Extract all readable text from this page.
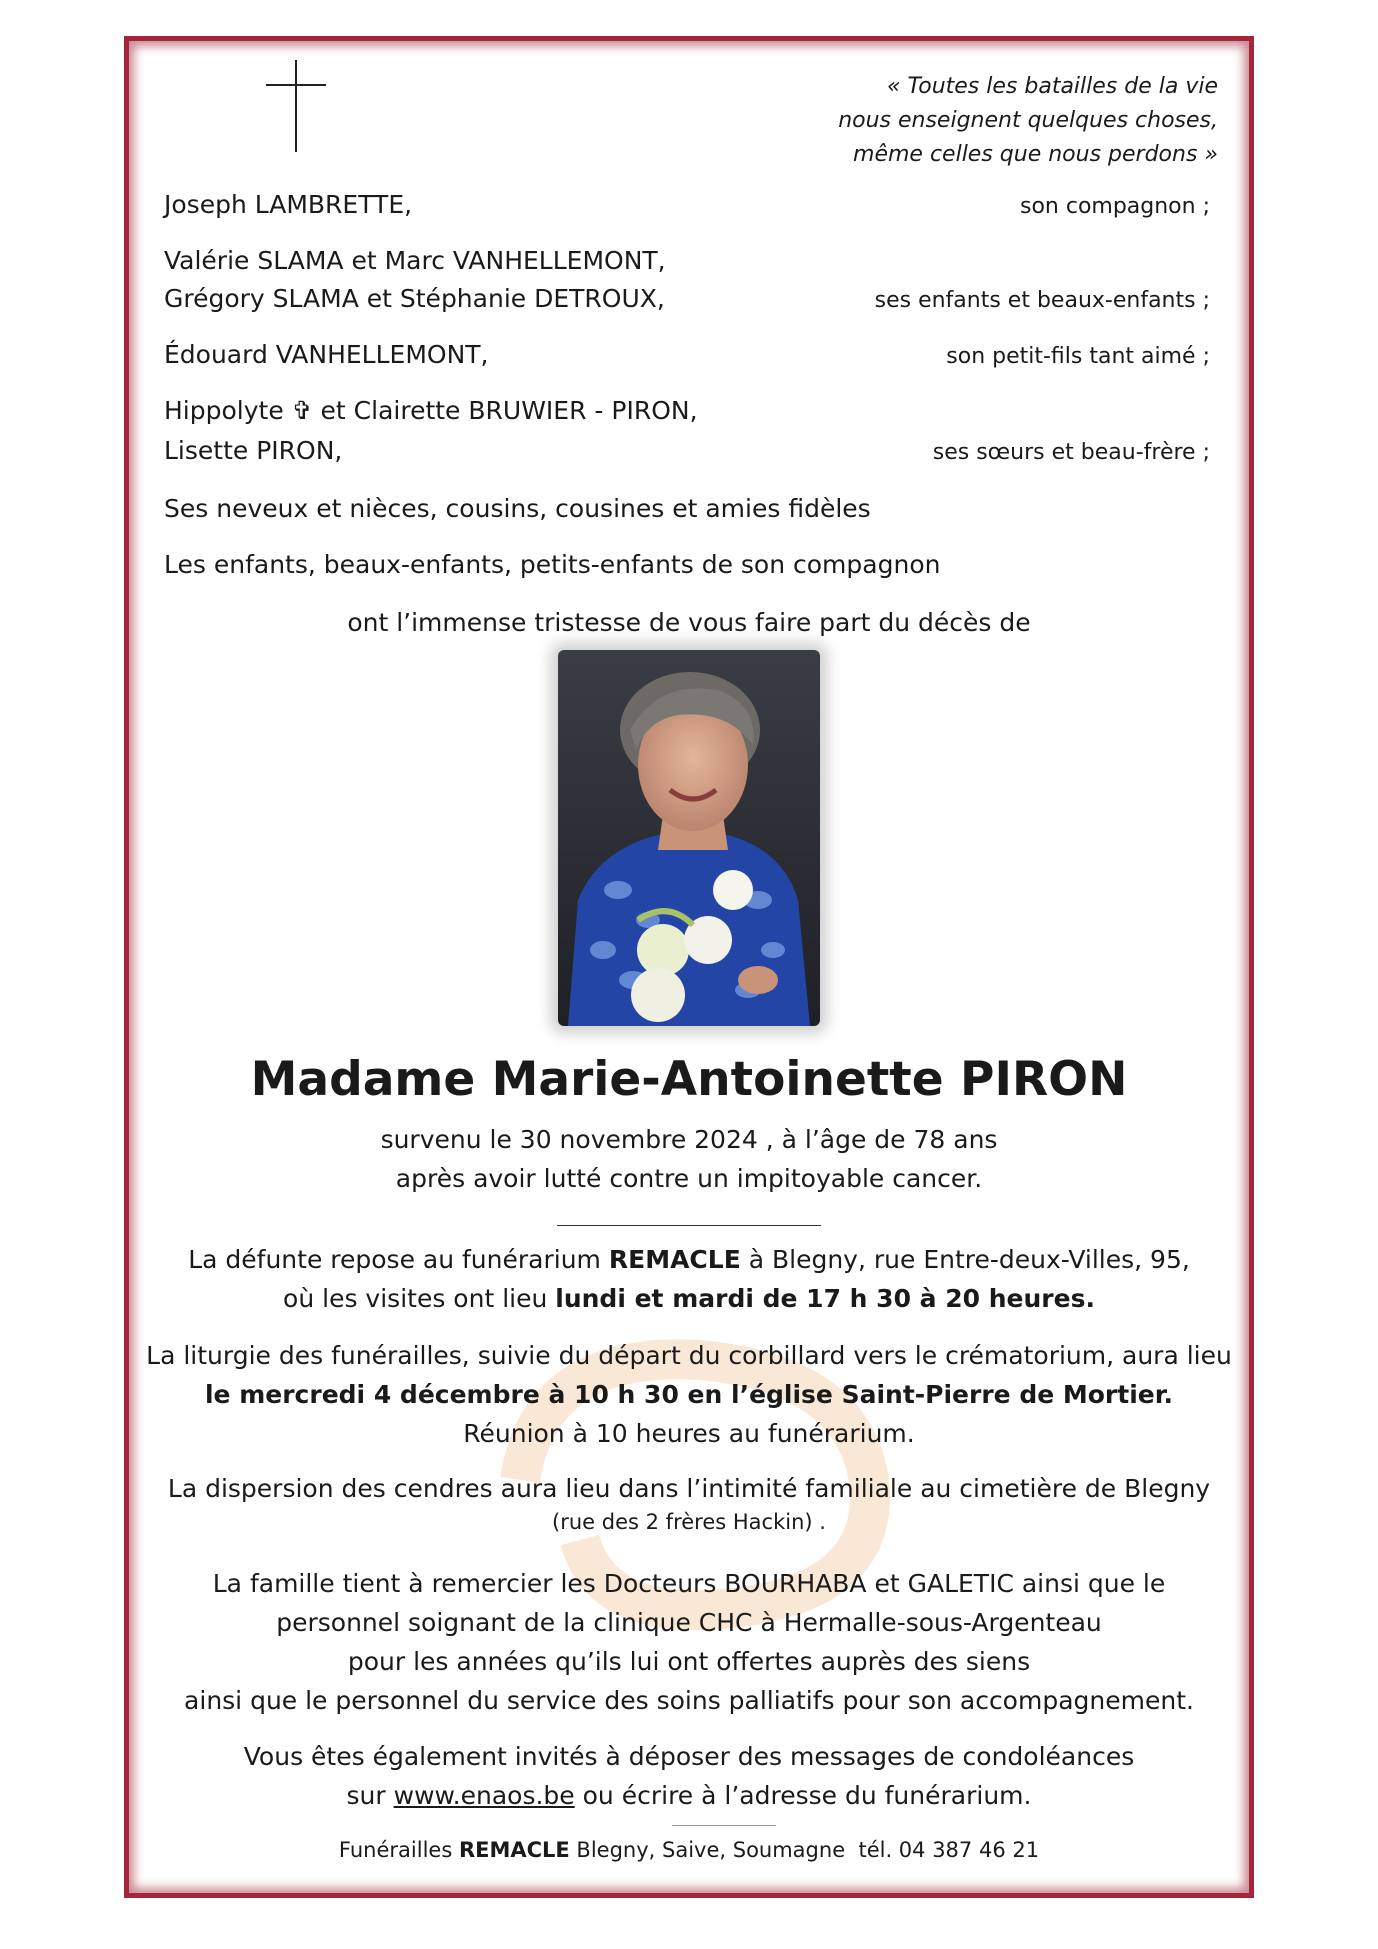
« Toutes les batailles de la vie
nous enseignent quelques choses,
même celles que nous perdons »
Joseph LAMBRETTE,	son compagnon ;
Valérie SLAMA et Marc VANHELLEMONT,
Grégory SLAMA et Stéphanie DETROUX,	ses enfants et beaux-enfants ;
Édouard VANHELLEMONT,	son petit-fils tant aimé ;
Hippolyte ✞ et Clairette BRUWIER - PIRON,
Lisette PIRON,	ses sœurs et beau-frère ;
Ses neveux et nièces, cousins, cousines et amies fidèles
Les enfants, beaux-enfants, petits-enfants de son compagnon
ont l’immense tristesse de vous faire part du décès de
Madame Marie-Antoinette PIRON
survenu le 30 novembre 2024 , à l’âge de 78 ans
après avoir lutté contre un impitoyable cancer.
La défunte repose au funérarium REMACLE à Blegny, rue Entre-deux-Villes, 95,
où les visites ont lieu lundi et mardi de 17 h 30 à 20 heures.
La liturgie des funérailles, suivie du départ du corbillard vers le crématorium, aura lieu
le mercredi 4 décembre à 10 h 30 en l’église Saint-Pierre de Mortier.
Réunion à 10 heures au funérarium.
La dispersion des cendres aura lieu dans l’intimité familiale au cimetière de Blegny
(rue des 2 frères Hackin) .
La famille tient à remercier les Docteurs BOURHABA et GALETIC ainsi que le
personnel soignant de la clinique CHC à Hermalle-sous-Argenteau
pour les années qu’ils lui ont offertes auprès des siens
ainsi que le personnel du service des soins palliatifs pour son accompagnement.
Vous êtes également invités à déposer des messages de condoléances
sur www.enaos.be ou écrire à l’adresse du funérarium.
Funérailles REMACLE Blegny, Saive, Soumagne  tél. 04 387 46 21
